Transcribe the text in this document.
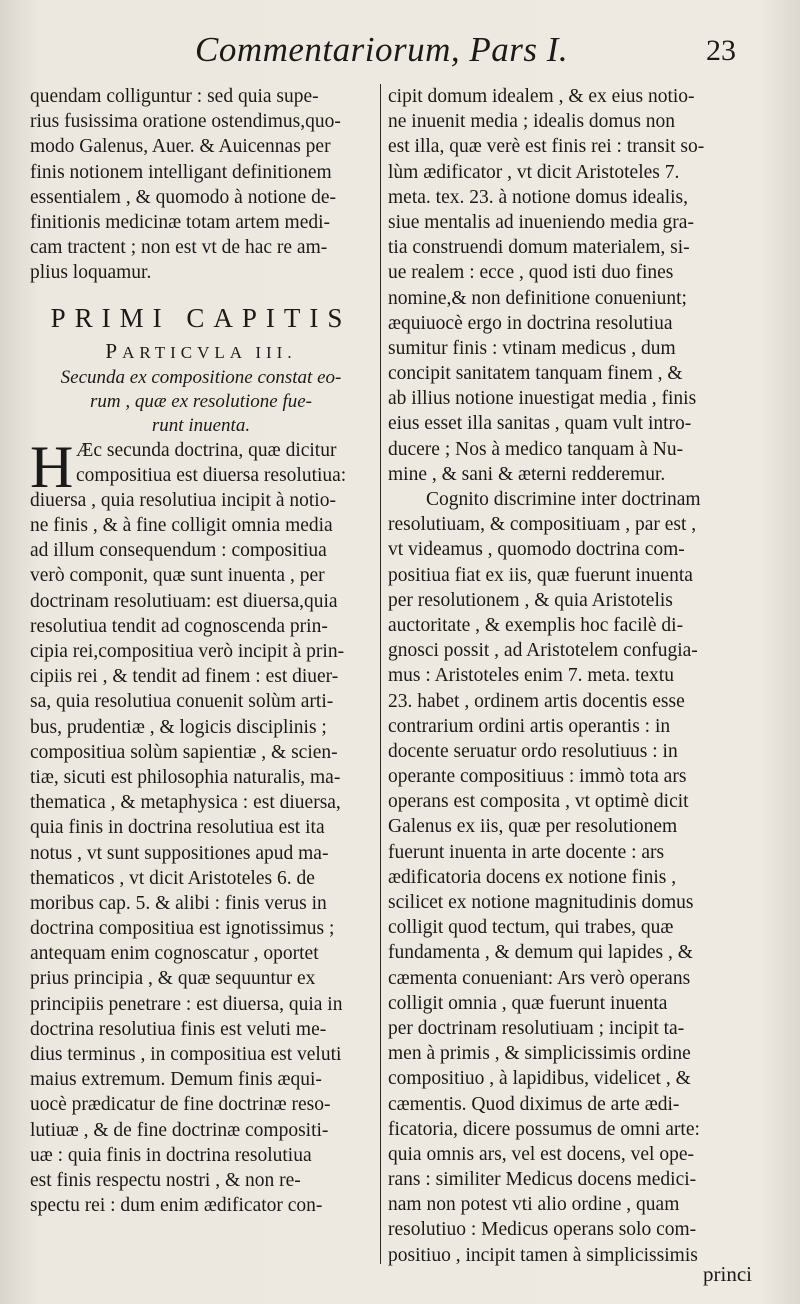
Commentariorum, Pars I.	23
quendam colliguntur : sed quia supe-
rius fusissima oratione ostendimus,quo-
modo Galenus, Auer. & Auicennas per
finis notionem intelligant definitionem
essentialem , & quomodo à notione de-
finitionis medicinæ totam artem medi-
cam tractent ; non est vt de hac re am-
plius loquamur.
PRIMI CAPITIS
PARTICVLA III.
Secunda ex compositione constat eo-
rum , quæ ex resolutione fue-
runt inuenta.
H Æc secunda doctrina, quæ dicitur
compositiua est diuersa resolutiua:
diuersa , quia resolutiua incipit à notio-
ne finis , & à fine colligit omnia media
ad illum consequendum : compositiua
verò componit, quæ sunt inuenta , per
doctrinam resolutiuam: est diuersa,quia
resolutiua tendit ad cognoscenda prin-
cipia rei,compositiua verò incipit à prin-
cipiis rei , & tendit ad finem : est diuer-
sa, quia resolutiua conuenit solùm arti-
bus, prudentiæ , & logicis disciplinis ;
compositiua solùm sapientiæ , & scien-
tiæ, sicuti est philosophia naturalis, ma-
thematica , & metaphysica : est diuersa,
quia finis in doctrina resolutiua est ita
notus , vt sunt suppositiones apud ma-
thematicos , vt dicit Aristoteles 6. de
moribus cap. 5. & alibi : finis verus in
doctrina compositiua est ignotissimus ;
antequam enim cognoscatur , oportet
prius principia , & quæ sequuntur ex
principiis penetrare : est diuersa, quia in
doctrina resolutiua finis est veluti me-
dius terminus , in compositiua est veluti
maius extremum. Demum finis æqui-
uocè prædicatur de fine doctrinæ reso-
lutiuæ , & de fine doctrinæ compositi-
uæ : quia finis in doctrina resolutiua
est finis respectu nostri , & non re-
spectu rei : dum enim ædificator con-
cipit domum idealem , & ex eius notio-
ne inuenit media ; idealis domus non
est illa, quæ verè est finis rei : transit so-
lùm ædificator , vt dicit Aristoteles 7.
meta. tex. 23. à notione domus idealis,
siue mentalis ad inueniendo media gra-
tia construendi domum materialem, si-
ue realem : ecce , quod isti duo fines
nomine,& non definitione conueniunt;
æquiuocè ergo in doctrina resolutiua
sumitur finis : vtinam medicus , dum
concipit sanitatem tanquam finem , &
ab illius notione inuestigat media , finis
eius esset illa sanitas , quam vult intro-
ducere ; Nos à medico tanquam à Nu-
mine , & sani & æterni redderemur.
Cognito discrimine inter doctrinam
resolutiuam, & compositiuam , par est ,
vt videamus , quomodo doctrina com-
positiua fiat ex iis, quæ fuerunt inuenta
per resolutionem , & quia Aristotelis
auctoritate , & exemplis hoc facilè di-
gnosci possit , ad Aristotelem confugia-
mus : Aristoteles enim 7. meta. textu
23. habet , ordinem artis docentis esse
contrarium ordini artis operantis : in
docente seruatur ordo resolutiuus : in
operante compositiuus : immò tota ars
operans est composita , vt optimè dicit
Galenus ex iis, quæ per resolutionem
fuerunt inuenta in arte docente : ars
ædificatoria docens ex notione finis ,
scilicet ex notione magnitudinis domus
colligit quod tectum, qui trabes, quæ
fundamenta , & demum qui lapides , &
cæmenta conueniant: Ars verò operans
colligit omnia , quæ fuerunt inuenta
per doctrinam resolutiuam ; incipit ta-
men à primis , & simplicissimis ordine
compositiuo , à lapidibus, videlicet , &
cæmentis. Quod diximus de arte ædi-
ficatoria, dicere possumus de omni arte:
quia omnis ars, vel est docens, vel ope-
rans : similiter Medicus docens medici-
nam non potest vti alio ordine , quam
resolutiuo : Medicus operans solo com-
positiuo , incipit tamen à simplicissimis
princi
